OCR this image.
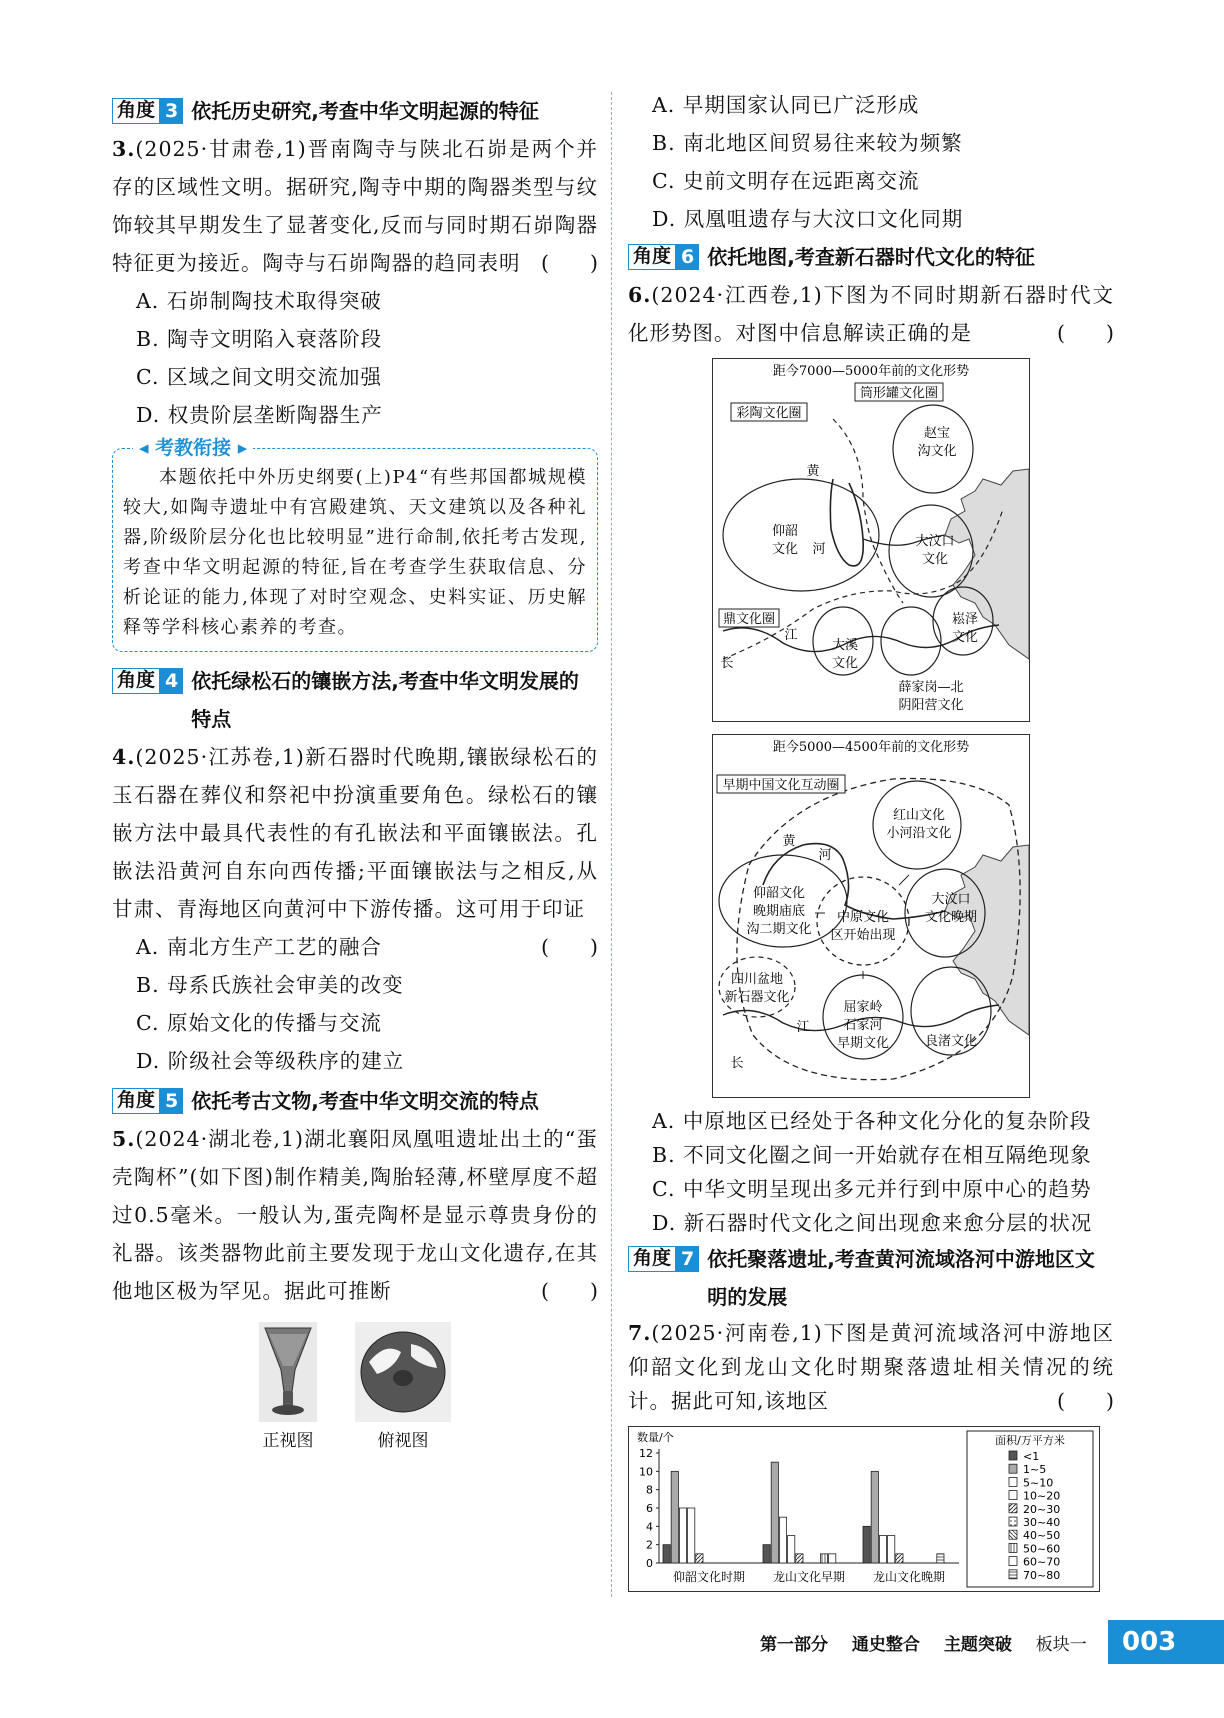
角度 3 依托历史研究,考查中华文明起源的特征

3.(2025·甘肃卷,1)晋南陶寺与陕北石峁是两个并存的区域性文明。据研究,陶寺中期的陶器类型与纹饰较其早期发生了显著变化,反而与同时期石峁陶器特征更为接近。陶寺与石峁陶器的趋同表明 (　　)

A. 石峁制陶技术取得突破

B. 陶寺文明陷入衰落阶段

C. 区域之间文明交流加强

D. 权贵阶层垄断陶器生产

◂ 考教衔接 ▸

本题依托中外历史纲要(上)P4“有些邦国都城规模较大,如陶寺遗址中有宫殿建筑、天文建筑以及各种礼器,阶级阶层分化也比较明显”进行命制,依托考古发现,考查中华文明起源的特征,旨在考查学生获取信息、分析论证的能力,体现了对时空观念、史料实证、历史解释等学科核心素养的考查。

角度 4 依托绿松石的镶嵌方法,考查中华文明发展的特点

4.(2025·江苏卷,1)新石器时代晚期,镶嵌绿松石的玉石器在葬仪和祭祀中扮演重要角色。绿松石的镶嵌方法中最具代表性的有孔嵌法和平面镶嵌法。孔嵌法沿黄河自东向西传播;平面镶嵌法与之相反,从甘肃、青海地区向黄河中下游传播。这可用于印证
(　　)

A. 南北方生产工艺的融合

B. 母系氏族社会审美的改变

C. 原始文化的传播与交流

D. 阶级社会等级秩序的建立

角度 5 依托考古文物,考查中华文明交流的特点

5.(2024·湖北卷,1)湖北襄阳凤凰咀遗址出土的“蛋壳陶杯”(如下图)制作精美,陶胎轻薄,杯壁厚度不超过0.5毫米。一般认为,蛋壳陶杯是显示尊贵身份的礼器。该类器物此前主要发现于龙山文化遗存,在其他地区极为罕见。据此可推断	(　　)

正视图	俯视图

A. 早期国家认同已广泛形成

B. 南北地区间贸易往来较为频繁

C. 史前文明存在远距离交流

D. 凤凰咀遗存与大汶口文化同期

角度 6 依托地图,考查新石器时代文化的特征

6.(2024·江西卷,1)下图为不同时期新石器时代文化形势图。对图中信息解读正确的是	(　　)

距今7000—5000年前的文化形势
筒形罐文化圈
彩陶文化圈
赵宝
沟文化
黄
仰韶
文化 河
大汶口
文化
鼎文化圈
江
长
大溪
文化
崧泽
文化
薛家岗—北
阴阳营文化
距今5000—4500年前的文化形势
早期中国文化互动圈
红山文化
小河沿文化
黄
河
仰韶文化
晚期庙底
沟二期文化
中原文化
区开始出现
大汶口
文化晚期
四川盆地
新石器文化
江
长
屈家岭
石家河
早期文化	良渚文化

A. 中原地区已经处于各种文化分化的复杂阶段

B. 不同文化圈之间一开始就存在相互隔绝现象

C. 中华文明呈现出多元并行到中原中心的趋势

D. 新石器时代文化之间出现愈来愈分层的状况

角度 7 依托聚落遗址,考查黄河流域洛河中游地区文明的发展

7.(2025·河南卷,1)下图是黄河流域洛河中游地区仰韶文化到龙山文化时期聚落遗址相关情况的统计。据此可知,该地区	(　　)

数量/个
0
2
4
6
8
10
12
仰韶文化时期 龙山文化早期 龙山文化晚期
面积/万平方米
<1
1~5
5~10
10~20
20~30
30~40
40~50
50~60
60~70
70~80
第一部分 通史整合 主题突破 板块一	003
